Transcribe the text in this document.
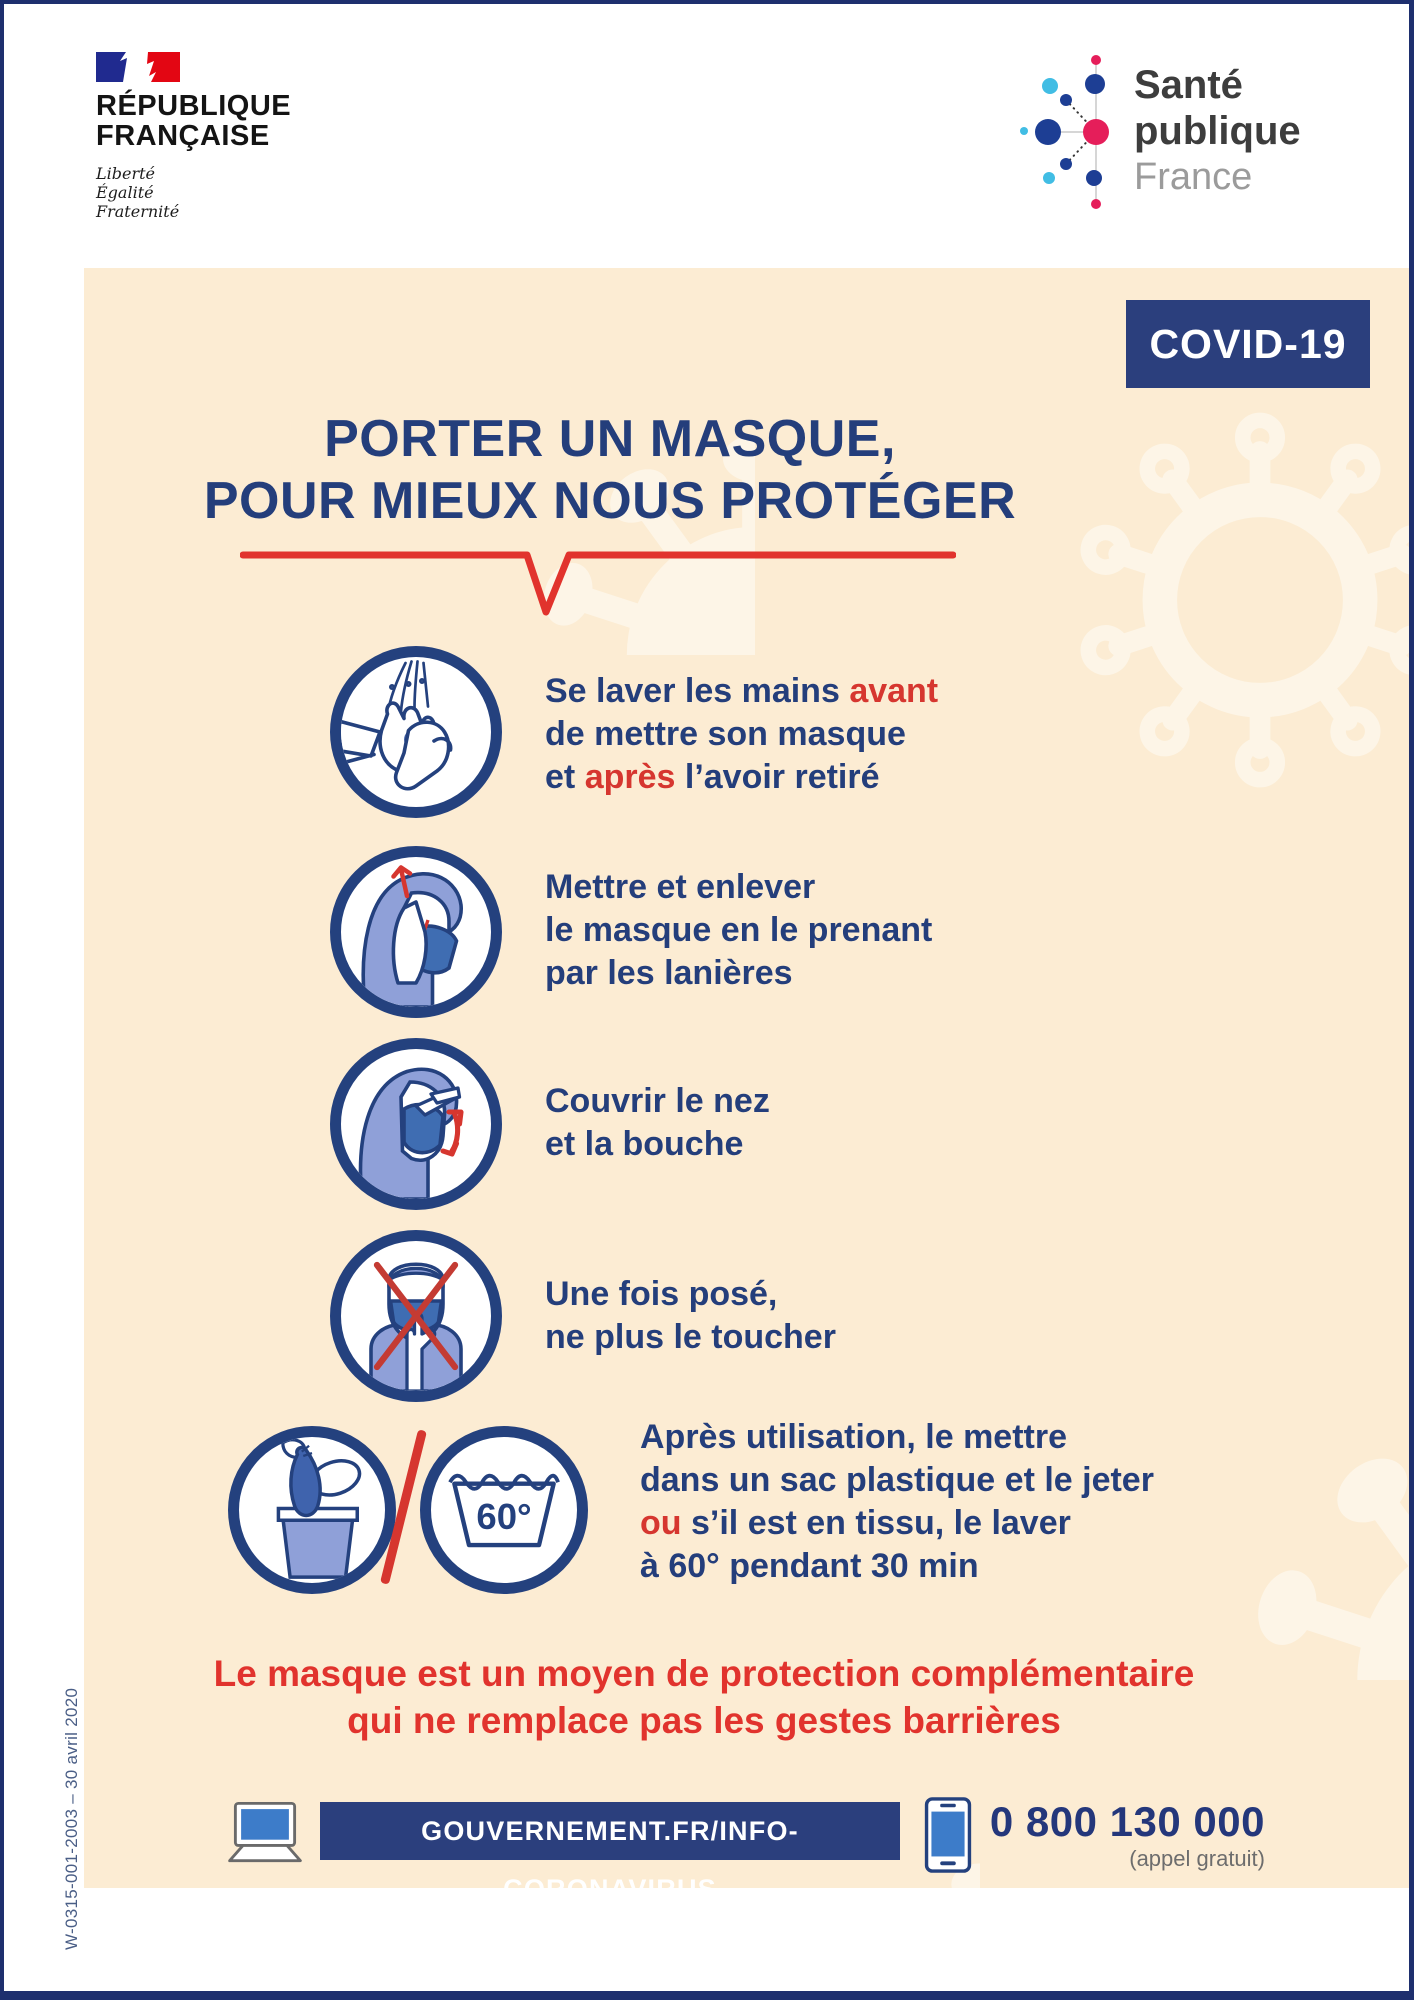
RÉPUBLIQUE
FRANÇAISE
Liberté
Égalité
Fraternité
Santé
publique
France
COVID-19
PORTER UN MASQUE,
POUR MIEUX NOUS PROTÉGER
Se laver les mains avant
de mettre son masque
et après l’avoir retiré
Mettre et enlever
le masque en le prenant
par les lanières
Couvrir le nez
et la bouche
Une fois posé,
ne plus le toucher
60°
Après utilisation, le mettre
dans un sac plastique et le jeter
ou s’il est en tissu, le laver
à 60° pendant 30 min
Le masque est un moyen de protection complémentaire
qui ne remplace pas les gestes barrières
GOUVERNEMENT.FR/INFO-CORONAVIRUS
0 800 130 000
(appel gratuit)
W-0315-001-2003 – 30 avril 2020
